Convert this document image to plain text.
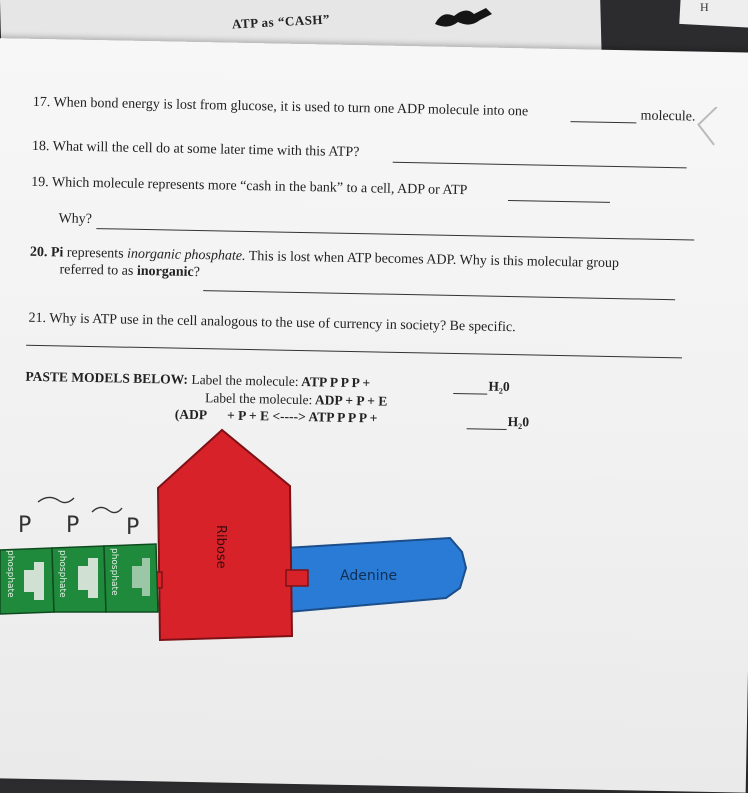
ATP as “CASH”
H
17. When bond energy is lost from glucose, it is used to turn one ADP molecule into one	molecule.
18. What will the cell do at some later time with this ATP?
19. Which molecule represents more “cash in the bank” to a cell, ADP or ATP
Why?
20. Pi represents inorganic phosphate. This is lost when ATP becomes ADP. Why is this molecular group
referred to as inorganic?
21. Why is ATP use in the cell analogous to the use of currency in society? Be specific.
PASTE MODELS BELOW: Label the molecule: ATP P P P +	H₂0
Label the molecule: ADP + P + E
(ADP + P + E <----> ATP P P P +	H₂0
Adenine
Ribose
phosphate	phosphate	phosphate
P P P
